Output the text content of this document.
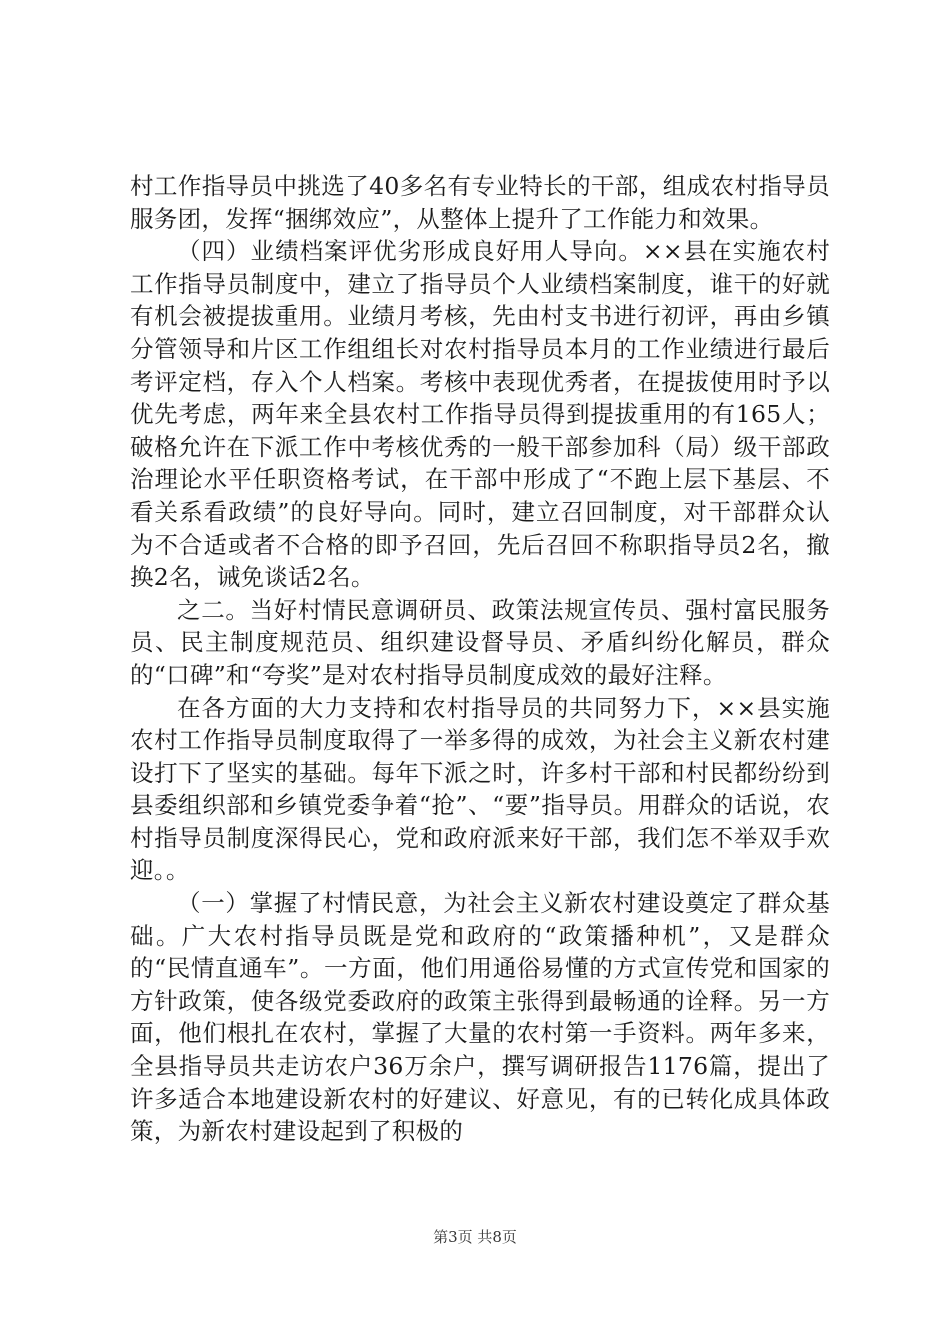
村工作指导员中挑选了40多名有专业特长的干部，组成农村指导员服务团，发挥“捆绑效应”，从整体上提升了工作能力和效果。

（四）业绩档案评优劣形成良好用人导向。××县在实施农村工作指导员制度中，建立了指导员个人业绩档案制度，谁干的好就有机会被提拔重用。业绩月考核，先由村支书进行初评，再由乡镇分管领导和片区工作组组长对农村指导员本月的工作业绩进行最后考评定档，存入个人档案。考核中表现优秀者，在提拔使用时予以优先考虑，两年来全县农村工作指导员得到提拔重用的有165人；破格允许在下派工作中考核优秀的一般干部参加科（局）级干部政治理论水平任职资格考试，在干部中形成了“不跑上层下基层、不看关系看政绩”的良好导向。同时，建立召回制度，对干部群众认为不合适或者不合格的即予召回，先后召回不称职指导员2名，撤换2名，诫免谈话2名。

之二。当好村情民意调研员、政策法规宣传员、强村富民服务员、民主制度规范员、组织建设督导员、矛盾纠纷化解员，群众的“口碑”和“夸奖”是对农村指导员制度成效的最好注释。

在各方面的大力支持和农村指导员的共同努力下，××县实施农村工作指导员制度取得了一举多得的成效，为社会主义新农村建设打下了坚实的基础。每年下派之时，许多村干部和村民都纷纷到县委组织部和乡镇党委争着“抢”、“要”指导员。用群众的话说，农村指导员制度深得民心，党和政府派来好干部，我们怎不举双手欢迎。。

（一）掌握了村情民意，为社会主义新农村建设奠定了群众基础。广大农村指导员既是党和政府的“政策播种机”，又是群众的“民情直通车”。一方面，他们用通俗易懂的方式宣传党和国家的方针政策，使各级党委政府的政策主张得到最畅通的诠释。另一方面，他们根扎在农村，掌握了大量的农村第一手资料。两年多来，全县指导员共走访农户36万余户，撰写调研报告1176篇，提出了许多适合本地建设新农村的好建议、好意见，有的已转化成具体政策，为新农村建设起到了积极的

第3页 共8页
